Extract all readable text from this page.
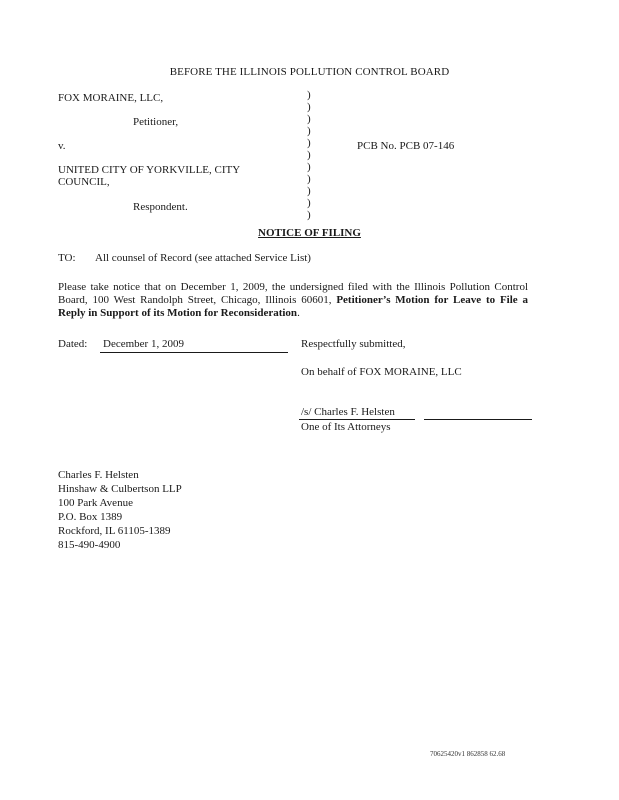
BEFORE THE ILLINOIS POLLUTION CONTROL BOARD
FOX MORAINE, LLC,
Petitioner,
v.
UNITED CITY OF YORKVILLE, CITY
COUNCIL,
Respondent.
)
)
)
)
)
)
)
)
)
)
)
PCB No. PCB 07-146
NOTICE OF FILING
TO: All counsel of Record (see attached Service List)
Please take notice that on December 1, 2009, the undersigned filed with the Illinois Pollution Control Board, 100 West Randolph Street, Chicago, Illinois 60601, Petitioner’s Motion for Leave to File a Reply in Support of its Motion for Reconsideration.
Dated: December 1, 2009	Respectfully submitted,
On behalf of FOX MORAINE, LLC
/s/ Charles F. Helsten
One of Its Attorneys
Charles F. Helsten
Hinshaw & Culbertson LLP
100 Park Avenue
P.O. Box 1389
Rockford, IL 61105-1389
815-490-4900
70625420v1 862858 62.68
